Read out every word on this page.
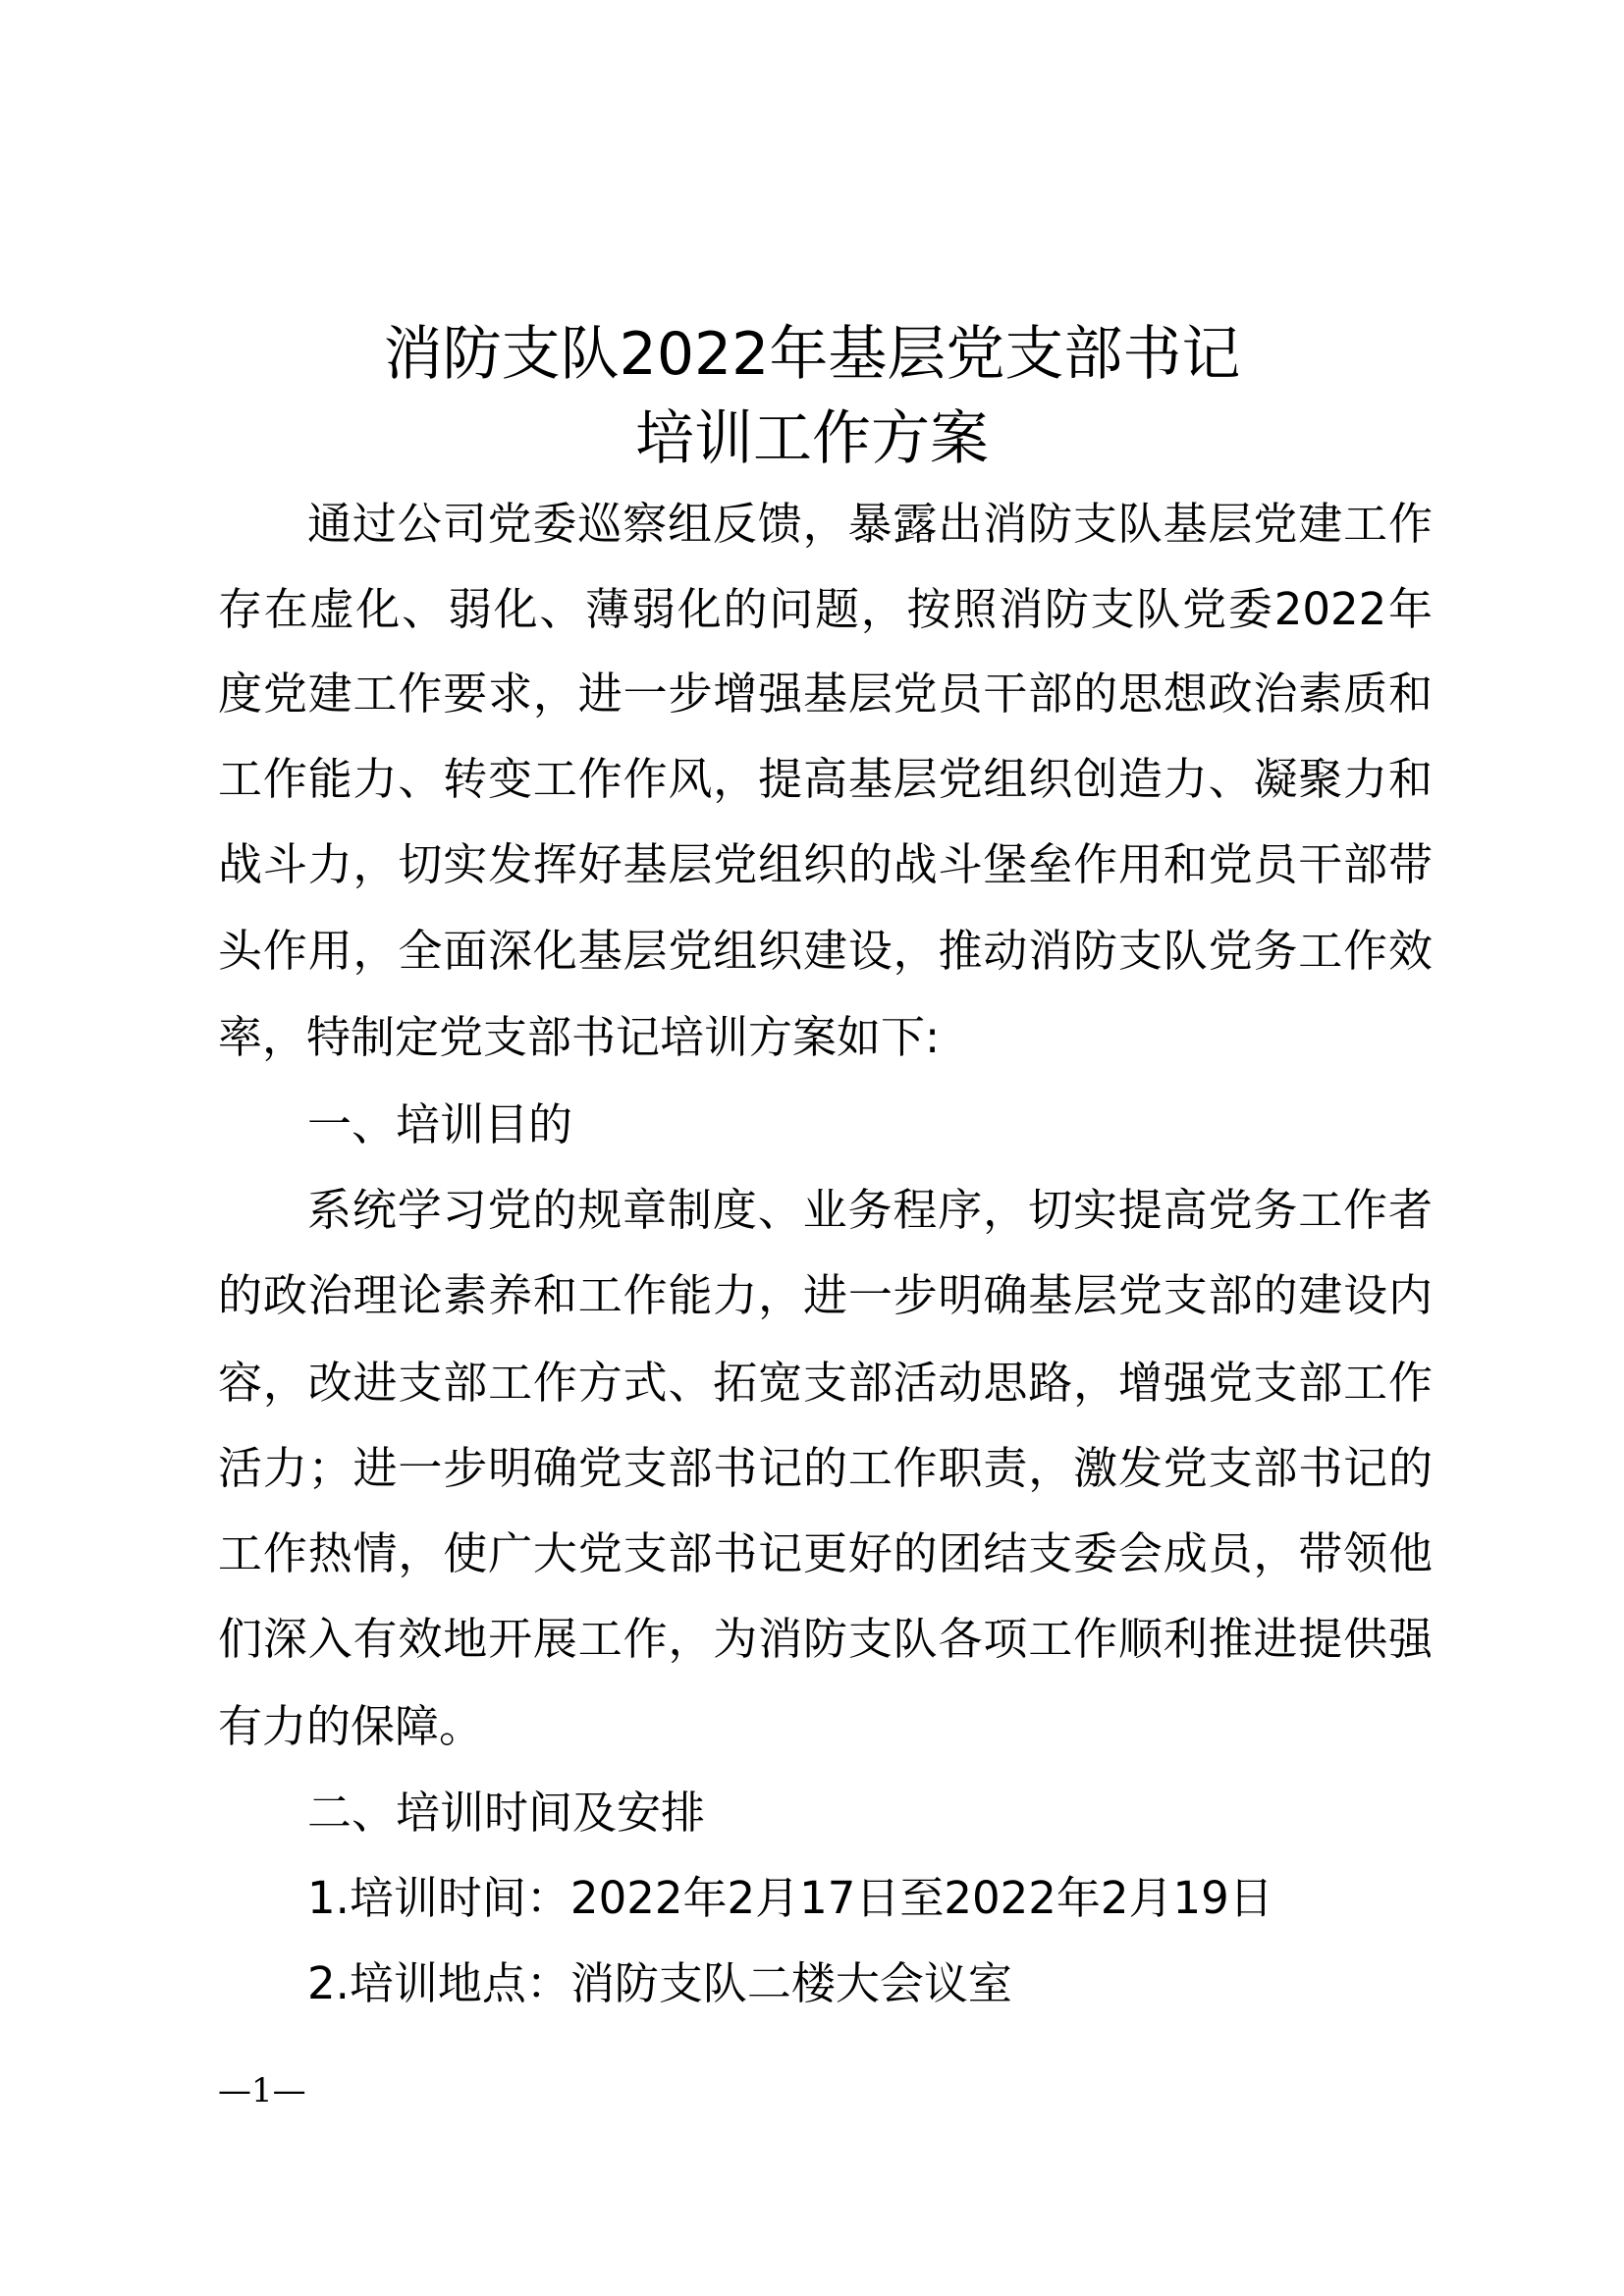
消防支队2022年基层党支部书记
培训工作方案
通过公司党委巡察组反馈，暴露出消防支队基层党建工作
存在虚化、弱化、薄弱化的问题，按照消防支队党委2022年
度党建工作要求，进一步增强基层党员干部的思想政治素质和
工作能力、转变工作作风，提高基层党组织创造力、凝聚力和
战斗力，切实发挥好基层党组织的战斗堡垒作用和党员干部带
头作用，全面深化基层党组织建设，推动消防支队党务工作效
率，特制定党支部书记培训方案如下:
一、培训目的
系统学习党的规章制度、业务程序，切实提高党务工作者
的政治理论素养和工作能力，进一步明确基层党支部的建设内
容，改进支部工作方式、拓宽支部活动思路，增强党支部工作
活力；进一步明确党支部书记的工作职责，激发党支部书记的
工作热情，使广大党支部书记更好的团结支委会成员，带领他
们深入有效地开展工作，为消防支队各项工作顺利推进提供强
有力的保障。
二、培训时间及安排
1.培训时间：2022年2月17日至2022年2月19日
2.培训地点：消防支队二楼大会议室
—1—
